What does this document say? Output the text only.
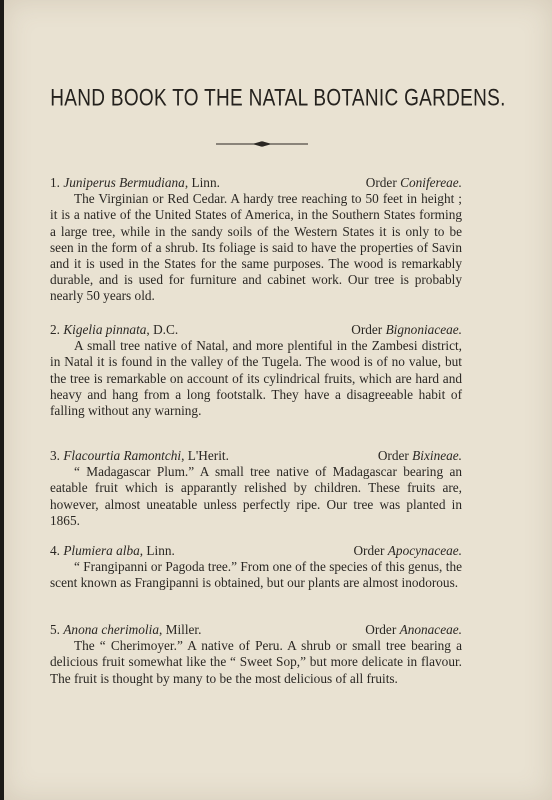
HAND BOOK TO THE NATAL BOTANIC GARDENS.
1. Juniperus Bermudiana, Linn.	Order Conifereae.
The Virginian or Red Cedar. A hardy tree reaching to 50 feet in height ; it is a native of the United States of America, in the Southern States forming a large tree, while in the sandy soils of the Western States it is only to be seen in the form of a shrub. Its foliage is said to have the properties of Savin and it is used in the States for the same purposes. The wood is remarkably durable, and is used for furniture and cabinet work. Our tree is probably nearly 50 years old.
2. Kigelia pinnata, D.C.	Order Bignoniaceae.
A small tree native of Natal, and more plentiful in the Zambesi district, in Natal it is found in the valley of the Tugela. The wood is of no value, but the tree is remarkable on account of its cylindrical fruits, which are hard and heavy and hang from a long footstalk. They have a disagreeable habit of falling without any warning.
3. Flacourtia Ramontchi, L'Herit.	Order Bixineae.
“ Madagascar Plum.” A small tree native of Madagascar bearing an eatable fruit which is apparantly relished by children. These fruits are, however, almost uneatable unless perfectly ripe. Our tree was planted in 1865.
4. Plumiera alba, Linn.	Order Apocynaceae.
“ Frangipanni or Pagoda tree.” From one of the species of this genus, the scent known as Frangipanni is obtained, but our plants are almost inodorous.
5. Anona cherimolia, Miller.	Order Anonaceae.
The “ Cherimoyer.” A native of Peru. A shrub or small tree bearing a delicious fruit somewhat like the “ Sweet Sop,” but more delicate in flavour. The fruit is thought by many to be the most delicious of all fruits.
